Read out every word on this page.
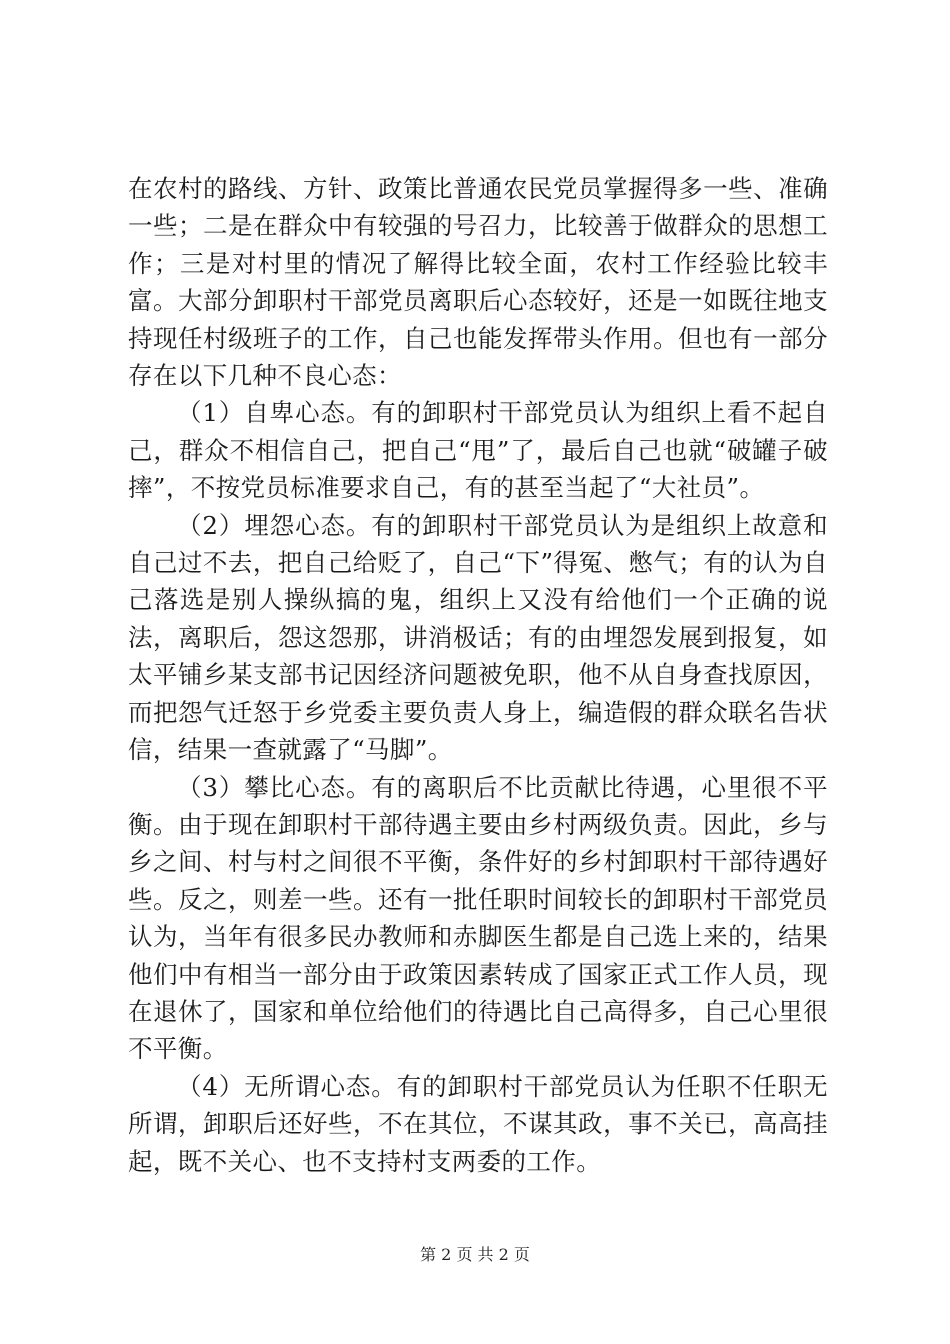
在农村的路线、方针、政策比普通农民党员掌握得多一些、准确一些；二是在群众中有较强的号召力，比较善于做群众的思想工作；三是对村里的情况了解得比较全面，农村工作经验比较丰富。大部分卸职村干部党员离职后心态较好，还是一如既往地支持现任村级班子的工作，自己也能发挥带头作用。但也有一部分存在以下几种不良心态：

（1）自卑心态。有的卸职村干部党员认为组织上看不起自己，群众不相信自己，把自己“甩”了，最后自己也就“破罐子破摔”，不按党员标准要求自己，有的甚至当起了“大社员”。

（2）埋怨心态。有的卸职村干部党员认为是组织上故意和自己过不去，把自己给贬了，自己“下”得冤、憋气；有的认为自己落选是别人操纵搞的鬼，组织上又没有给他们一个正确的说法，离职后，怨这怨那，讲消极话；有的由埋怨发展到报复，如太平铺乡某支部书记因经济问题被免职，他不从自身查找原因，而把怨气迁怒于乡党委主要负责人身上，编造假的群众联名告状信，结果一查就露了“马脚”。

（3）攀比心态。有的离职后不比贡献比待遇，心里很不平衡。由于现在卸职村干部待遇主要由乡村两级负责。因此，乡与乡之间、村与村之间很不平衡，条件好的乡村卸职村干部待遇好些。反之，则差一些。还有一批任职时间较长的卸职村干部党员认为，当年有很多民办教师和赤脚医生都是自己选上来的，结果他们中有相当一部分由于政策因素转成了国家正式工作人员，现在退休了，国家和单位给他们的待遇比自己高得多，自己心里很不平衡。

（4）无所谓心态。有的卸职村干部党员认为任职不任职无所谓，卸职后还好些，不在其位，不谋其政，事不关已，高高挂起，既不关心、也不支持村支两委的工作。

第 2 页 共 2 页
